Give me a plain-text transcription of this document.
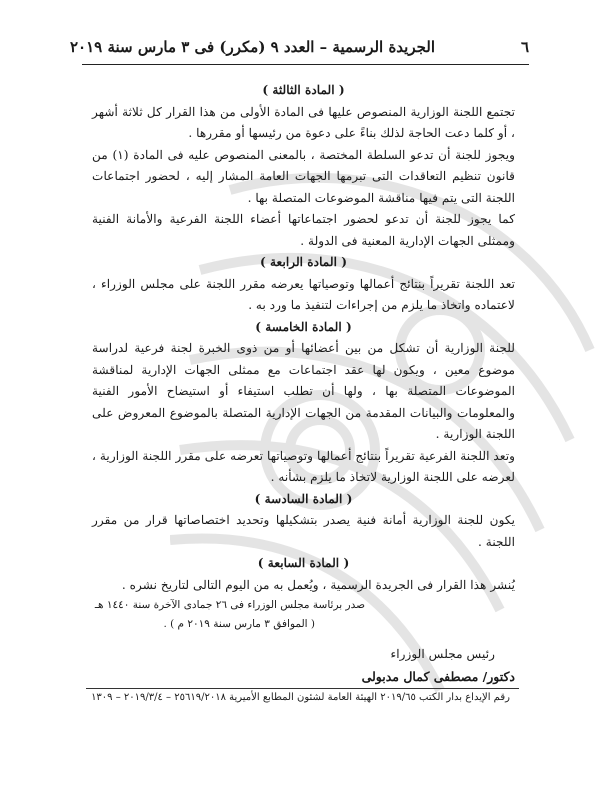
٦
الجريدة الرسمية – العدد ٩ (مكرر) فى ٣ مارس سنة ٢٠١٩

( المادة الثالثة )

تجتمع اللجنة الوزارية المنصوص عليها فى المادة الأولى من هذا القرار كل ثلاثة أشهر ، أو كلما دعت الحاجة لذلك بناءً على دعوة من رئيسها أو مقررها .

ويجوز للجنة أن تدعو السلطة المختصة ، بالمعنى المنصوص عليه فى المادة (١) من قانون تنظيم التعاقدات التى تبرمها الجهات العامة المشار إليه ، لحضور اجتماعات اللجنة التى يتم فيها مناقشة الموضوعات المتصلة بها .

كما يجوز للجنة أن تدعو لحضور اجتماعاتها أعضاء اللجنة الفرعية والأمانة الفنية وممثلى الجهات الإدارية المعنية فى الدولة .

( المادة الرابعة )

تعد اللجنة تقريراً بنتائج أعمالها وتوصياتها يعرضه مقرر اللجنة على مجلس الوزراء ، لاعتماده واتخاذ ما يلزم من إجراءات لتنفيذ ما ورد به .

( المادة الخامسة )

للجنة الوزارية أن تشكل من بين أعضائها أو من ذوى الخبرة لجنة فرعية لدراسة موضوع معين ، ويكون لها عقد اجتماعات مع ممثلى الجهات الإدارية لمناقشة الموضوعات المتصلة بها ، ولها أن تطلب استيفاء أو استيضاح الأمور الفنية والمعلومات والبيانات المقدمة من الجهات الإدارية المتصلة بالموضوع المعروض على اللجنة الوزارية .

وتعد اللجنة الفرعية تقريراً بنتائج أعمالها وتوصياتها تعرضه على مقرر اللجنة الوزارية ، لعرضه على اللجنة الوزارية لاتخاذ ما يلزم بشأنه .

( المادة السادسة )

يكون للجنة الوزارية أمانة فنية يصدر بتشكيلها وتحديد اختصاصاتها قرار من مقرر اللجنة .

( المادة السابعة )

يُنشر هذا القرار فى الجريدة الرسمية ، ويُعمل به من اليوم التالى لتاريخ نشره .

صدر برئاسة مجلس الوزراء فى ٢٦ جمادى الآخرة سنة ١٤٤٠ هـ

( الموافق ٣ مارس سنة ٢٠١٩ م ) .

رئيس مجلس الوزراء

دكتور/ مصطفى كمال مدبولى

رقم الإيداع بدار الكتب ٢٠١٩/٦٥ الهيئة العامة لشئون المطابع الأميرية ٢٥٦١٩/٢٠١٨ – ٢٠١٩/٣/٤ – ١٣٠٩
